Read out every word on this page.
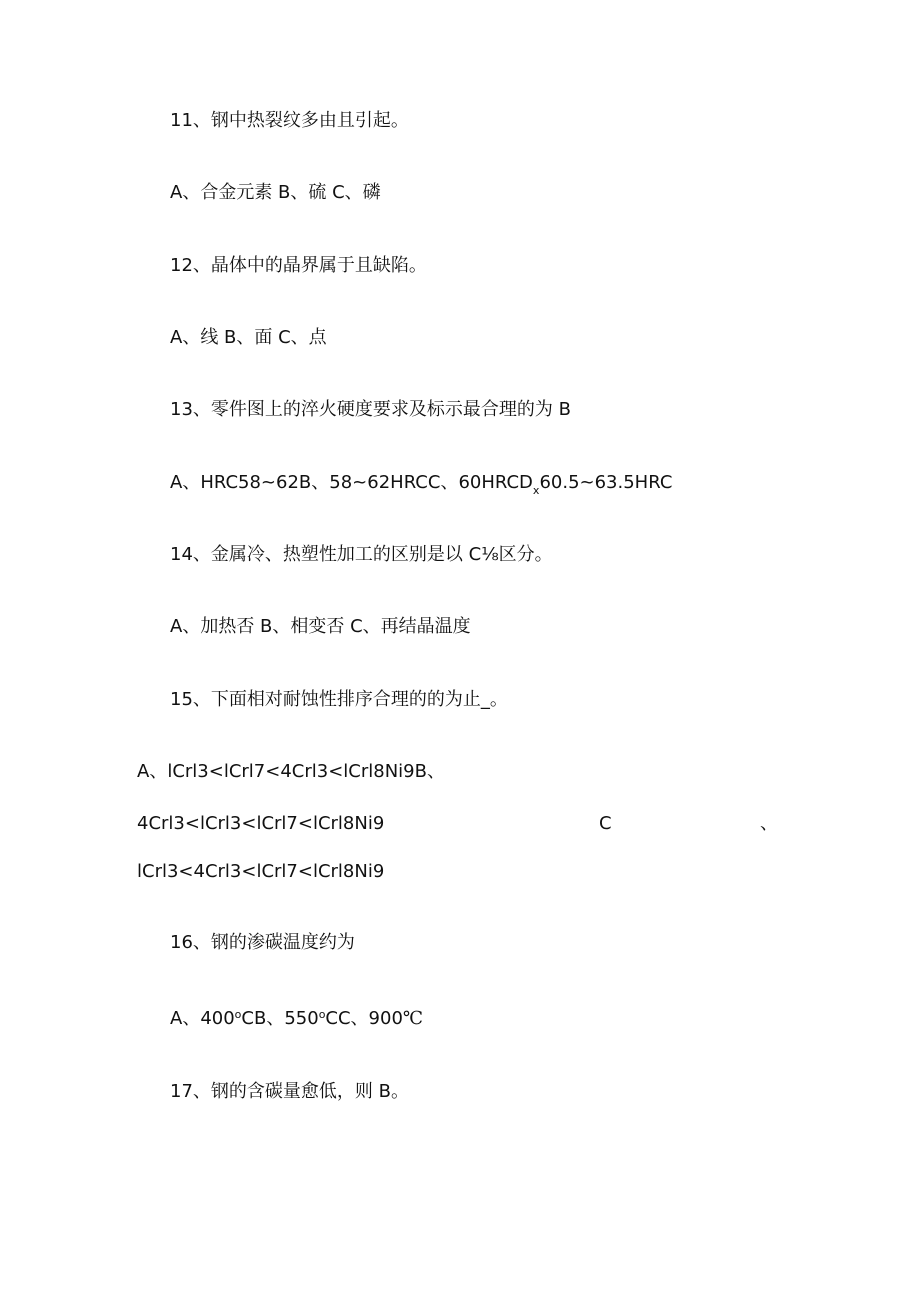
11、钢中热裂纹多由且引起。
A、合金元素 B、硫 C、磷
12、晶体中的晶界属于且缺陷。
A、线 B、面 C、点
13、零件图上的淬火硬度要求及标示最合理的为 B
A、HRC58~62B、58~62HRCC、$60HRCD_x60.5\sim 63.5HRC$
14、金属冷、热塑性加工的区别是以 C⅛区分。
A、加热否 B、相变否 C、再结晶温度
15、下面相对耐蚀性排序合理的的为止_。
A、lCrl3<lCrl7<4Crl3<lCrl8Ni9B、
4Crl3<lCrl3<lCrl7<lCrl8Ni9	C	、
lCrl3<4Crl3<lCrl7<lCrl8Ni9
16、钢的渗碳温度约为
A、400$^o$CB、550$^o$CC、900℃
17、钢的含碳量愈低，则 B。
